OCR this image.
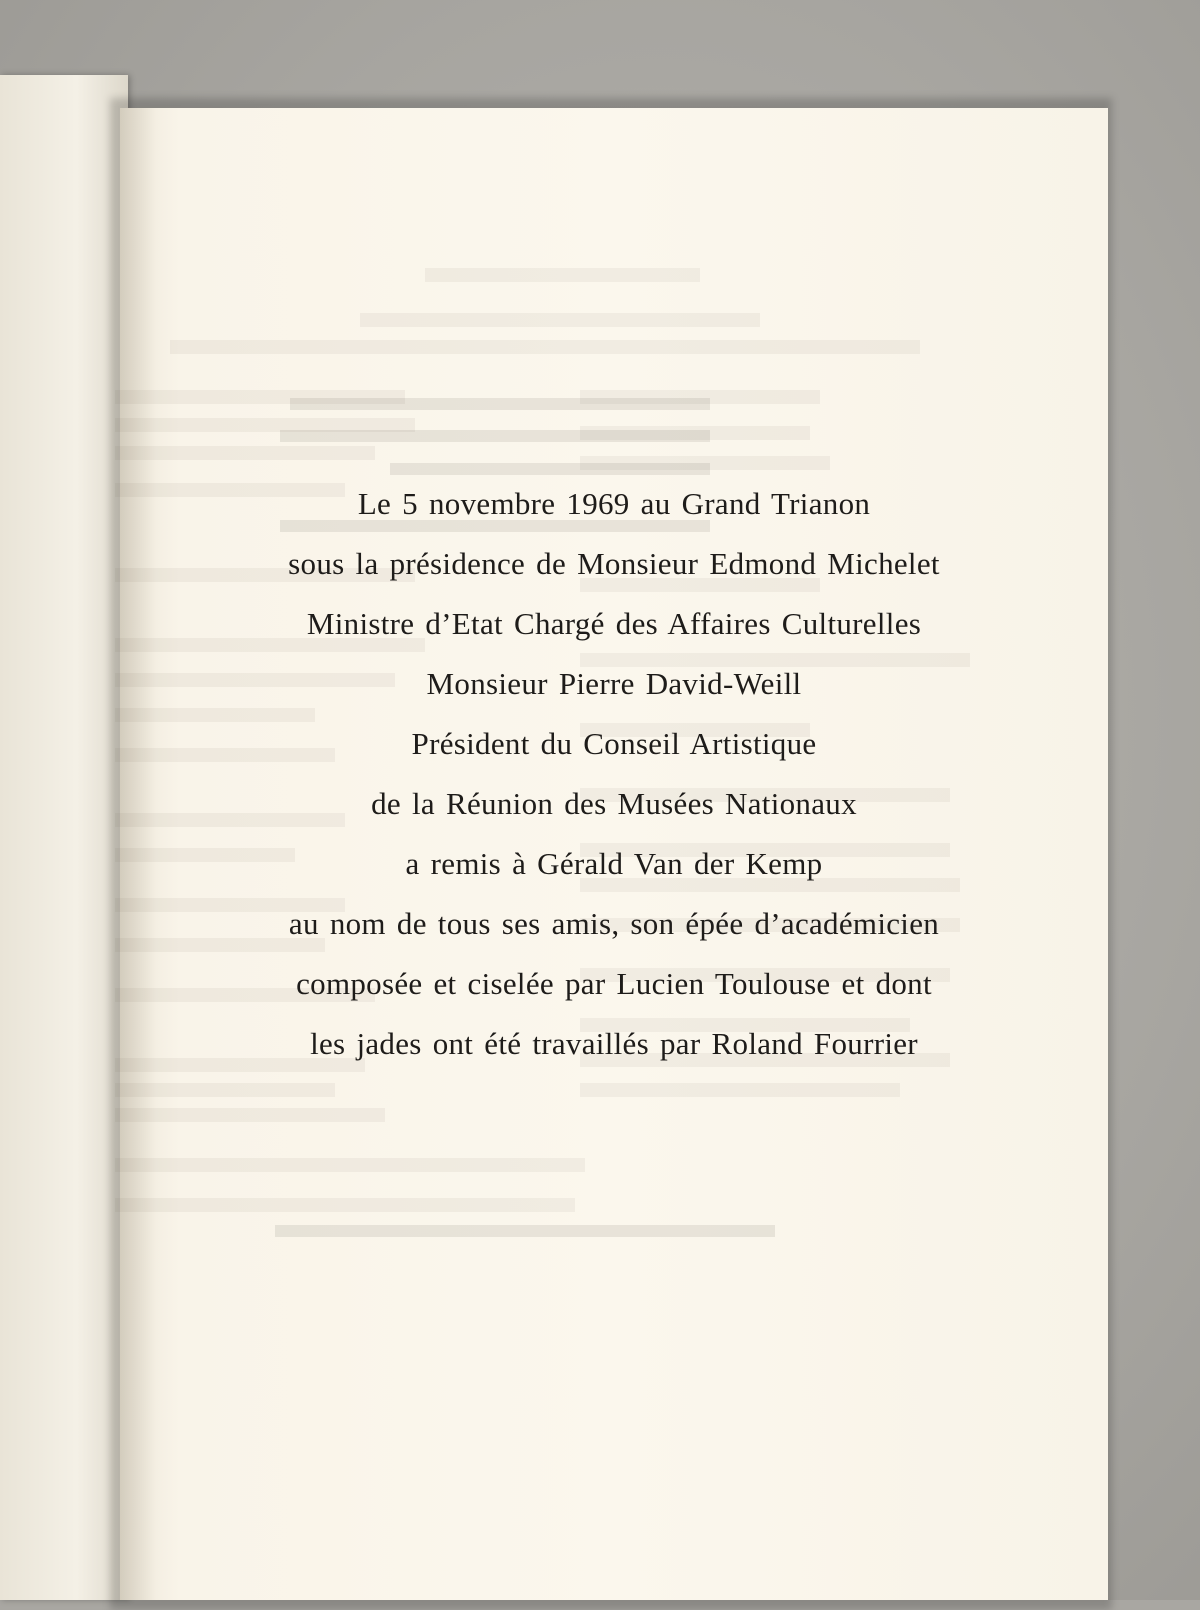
Le 5 novembre 1969 au Grand Trianon
sous la présidence de Monsieur Edmond Michelet
Ministre d’Etat Chargé des Affaires Culturelles
Monsieur Pierre David-Weill
Président du Conseil Artistique
de la Réunion des Musées Nationaux
a remis à Gérald Van der Kemp
au nom de tous ses amis, son épée d’académicien
composée et ciselée par Lucien Toulouse et dont
les jades ont été travaillés par Roland Fourrier
